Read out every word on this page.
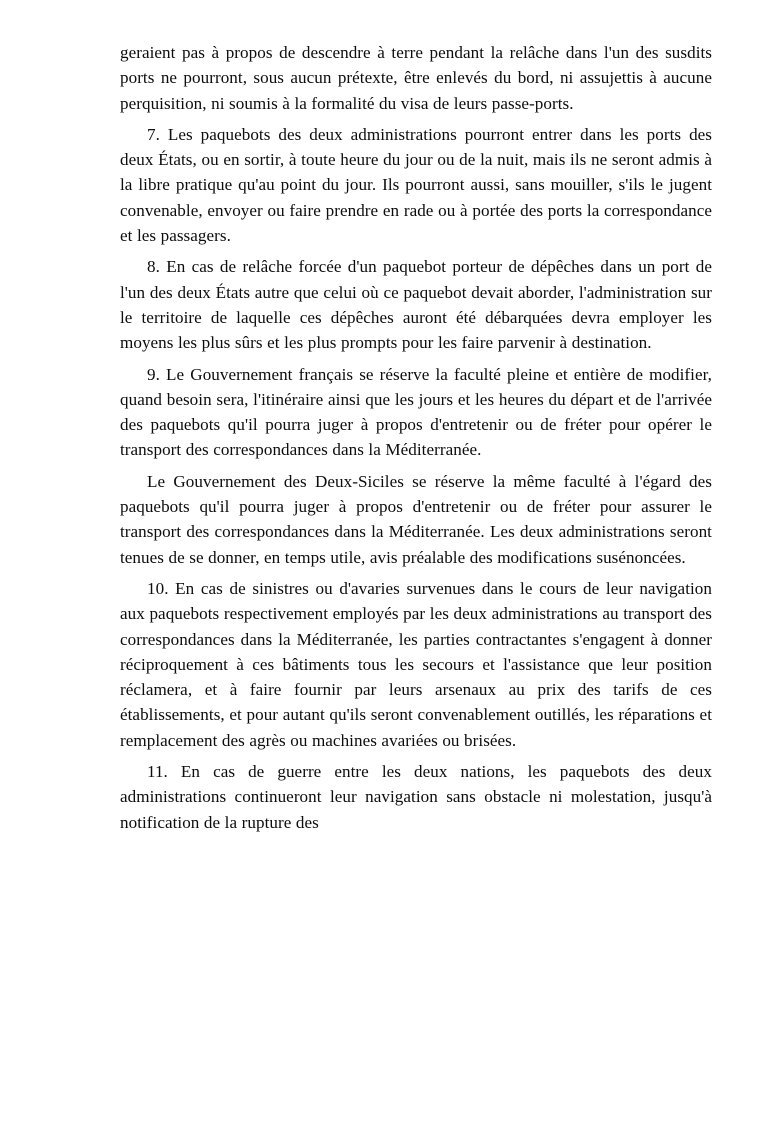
geraient pas à propos de descendre à terre pendant la relâche dans l'un des susdits ports ne pourront, sous aucun prétexte, être enlevés du bord, ni assujettis à aucune perquisition, ni soumis à la formalité du visa de leurs passe-ports.

7. Les paquebots des deux administrations pourront entrer dans les ports des deux États, ou en sortir, à toute heure du jour ou de la nuit, mais ils ne seront admis à la libre pratique qu'au point du jour. Ils pourront aussi, sans mouiller, s'ils le jugent convenable, envoyer ou faire prendre en rade ou à portée des ports la correspondance et les passagers.

8. En cas de relâche forcée d'un paquebot porteur de dépêches dans un port de l'un des deux États autre que celui où ce paquebot devait aborder, l'administration sur le territoire de laquelle ces dépêches auront été débarquées devra employer les moyens les plus sûrs et les plus prompts pour les faire parvenir à destination.

9. Le Gouvernement français se réserve la faculté pleine et entière de modifier, quand besoin sera, l'itinéraire ainsi que les jours et les heures du départ et de l'arrivée des paquebots qu'il pourra juger à propos d'entretenir ou de fréter pour opérer le transport des correspondances dans la Méditerranée.

Le Gouvernement des Deux-Siciles se réserve la même faculté à l'égard des paquebots qu'il pourra juger à propos d'entretenir ou de fréter pour assurer le transport des correspondances dans la Méditerranée. Les deux administrations seront tenues de se donner, en temps utile, avis préalable des modifications susénoncées.

10. En cas de sinistres ou d'avaries survenues dans le cours de leur navigation aux paquebots respectivement employés par les deux administrations au transport des correspondances dans la Méditerranée, les parties contractantes s'engagent à donner réciproquement à ces bâtiments tous les secours et l'assistance que leur position réclamera, et à faire fournir par leurs arsenaux au prix des tarifs de ces établissements, et pour autant qu'ils seront convenablement outillés, les réparations et remplacement des agrès ou machines avariées ou brisées.

11. En cas de guerre entre les deux nations, les paquebots des deux administrations continueront leur navigation sans obstacle ni molestation, jusqu'à notification de la rupture des
